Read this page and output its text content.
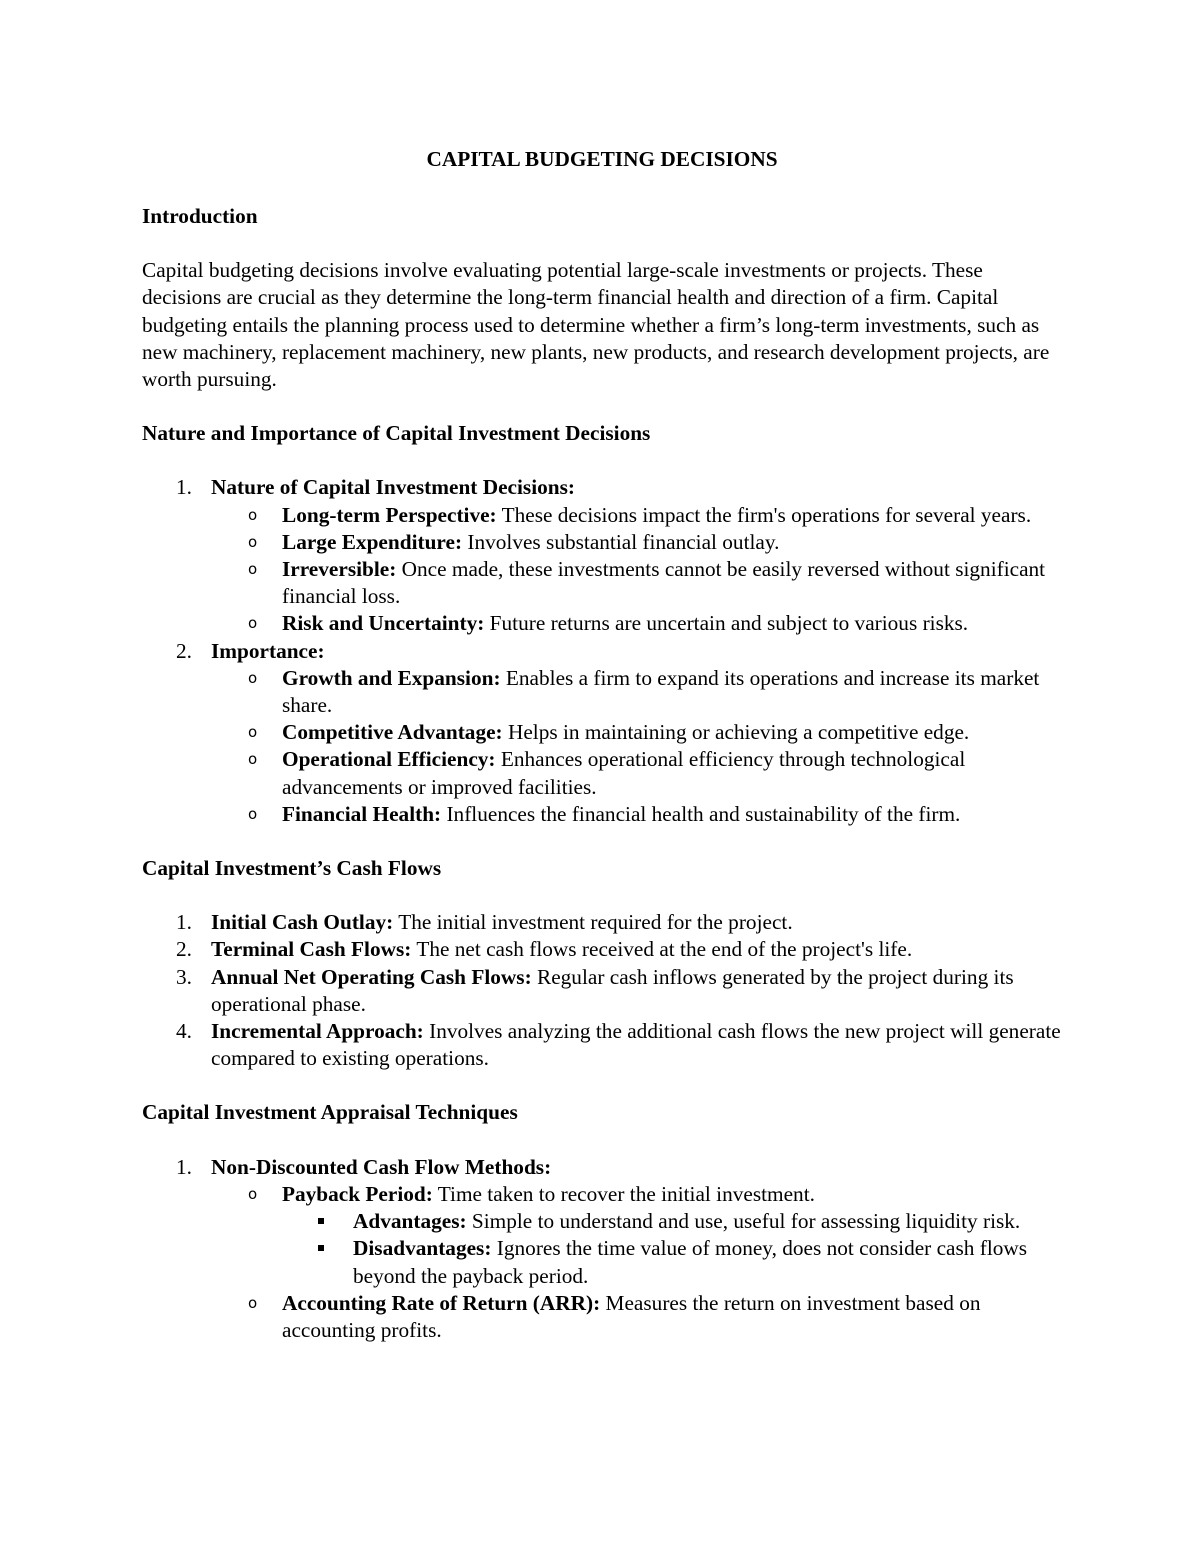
CAPITAL BUDGETING DECISIONS
Introduction
Capital budgeting decisions involve evaluating potential large-scale investments or projects. These decisions are crucial as they determine the long-term financial health and direction of a firm. Capital budgeting entails the planning process used to determine whether a firm’s long-term investments, such as new machinery, replacement machinery, new plants, new products, and research development projects, are worth pursuing.
Nature and Importance of Capital Investment Decisions
1. Nature of Capital Investment Decisions:
o Long-term Perspective: These decisions impact the firm's operations for several years.
o Large Expenditure: Involves substantial financial outlay.
o Irreversible: Once made, these investments cannot be easily reversed without significant financial loss.
o Risk and Uncertainty: Future returns are uncertain and subject to various risks.
2. Importance:
o Growth and Expansion: Enables a firm to expand its operations and increase its market share.
o Competitive Advantage: Helps in maintaining or achieving a competitive edge.
o Operational Efficiency: Enhances operational efficiency through technological advancements or improved facilities.
o Financial Health: Influences the financial health and sustainability of the firm.
Capital Investment’s Cash Flows
1. Initial Cash Outlay: The initial investment required for the project.
2. Terminal Cash Flows: The net cash flows received at the end of the project's life.
3. Annual Net Operating Cash Flows: Regular cash inflows generated by the project during its operational phase.
4. Incremental Approach: Involves analyzing the additional cash flows the new project will generate compared to existing operations.
Capital Investment Appraisal Techniques
1. Non-Discounted Cash Flow Methods:
o Payback Period: Time taken to recover the initial investment.
Advantages: Simple to understand and use, useful for assessing liquidity risk.
Disadvantages: Ignores the time value of money, does not consider cash flows beyond the payback period.
o Accounting Rate of Return (ARR): Measures the return on investment based on accounting profits.
